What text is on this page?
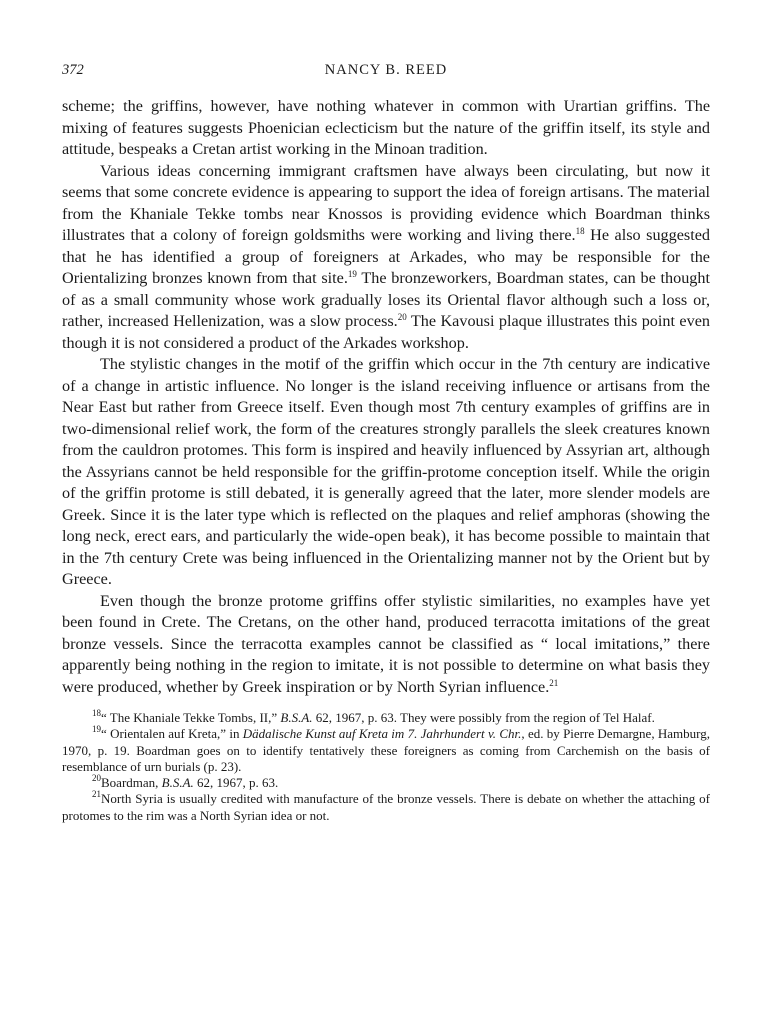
372	NANCY B. REED

scheme; the griffins, however, have nothing whatever in common with Urartian griffins. The mixing of features suggests Phoenician eclecticism but the nature of the griffin itself, its style and attitude, bespeaks a Cretan artist working in the Minoan tradition.

Various ideas concerning immigrant craftsmen have always been circulating, but now it seems that some concrete evidence is appearing to support the idea of foreign artisans. The material from the Khaniale Tekke tombs near Knossos is providing evidence which Boardman thinks illustrates that a colony of foreign goldsmiths were working and living there.$^{18}$ He also suggested that he has identified a group of foreigners at Arkades, who may be responsible for the Orientalizing bronzes known from that site.$^{19}$ The bronzeworkers, Boardman states, can be thought of as a small community whose work gradually loses its Oriental flavor although such a loss or, rather, increased Hellenization, was a slow process.$^{20}$ The Kavousi plaque illustrates this point even though it is not considered a product of the Arkades workshop.

The stylistic changes in the motif of the griffin which occur in the 7th century are indicative of a change in artistic influence. No longer is the island receiving influence or artisans from the Near East but rather from Greece itself. Even though most 7th century examples of griffins are in two-dimensional relief work, the form of the creatures strongly parallels the sleek creatures known from the cauldron protomes. This form is inspired and heavily influenced by Assyrian art, although the Assyrians cannot be held responsible for the griffin-protome conception itself. While the origin of the griffin protome is still debated, it is generally agreed that the later, more slender models are Greek. Since it is the later type which is reflected on the plaques and relief amphoras (showing the long neck, erect ears, and particularly the wide-open beak), it has become possible to maintain that in the 7th century Crete was being influenced in the Orientalizing manner not by the Orient but by Greece.

Even though the bronze protome griffins offer stylistic similarities, no examples have yet been found in Crete. The Cretans, on the other hand, produced terracotta imitations of the great bronze vessels. Since the terracotta examples cannot be classified as “ local imitations,” there apparently being nothing in the region to imitate, it is not possible to determine on what basis they were produced, whether by Greek inspiration or by North Syrian influence.$^{21}$

$^{18}$“ The Khaniale Tekke Tombs, II,” B.S.A. 62, 1967, p. 63. They were possibly from the region of Tel Halaf.

$^{19}$“ Orientalen auf Kreta,” in Dädalische Kunst auf Kreta im 7. Jahrhundert v. Chr., ed. by Pierre Demargne, Hamburg, 1970, p. 19. Boardman goes on to identify tentatively these foreigners as coming from Carchemish on the basis of resemblance of urn burials (p. 23).

$^{20}$Boardman, B.S.A. 62, 1967, p. 63.

$^{21}$North Syria is usually credited with manufacture of the bronze vessels. There is debate on whether the attaching of protomes to the rim was a North Syrian idea or not.
